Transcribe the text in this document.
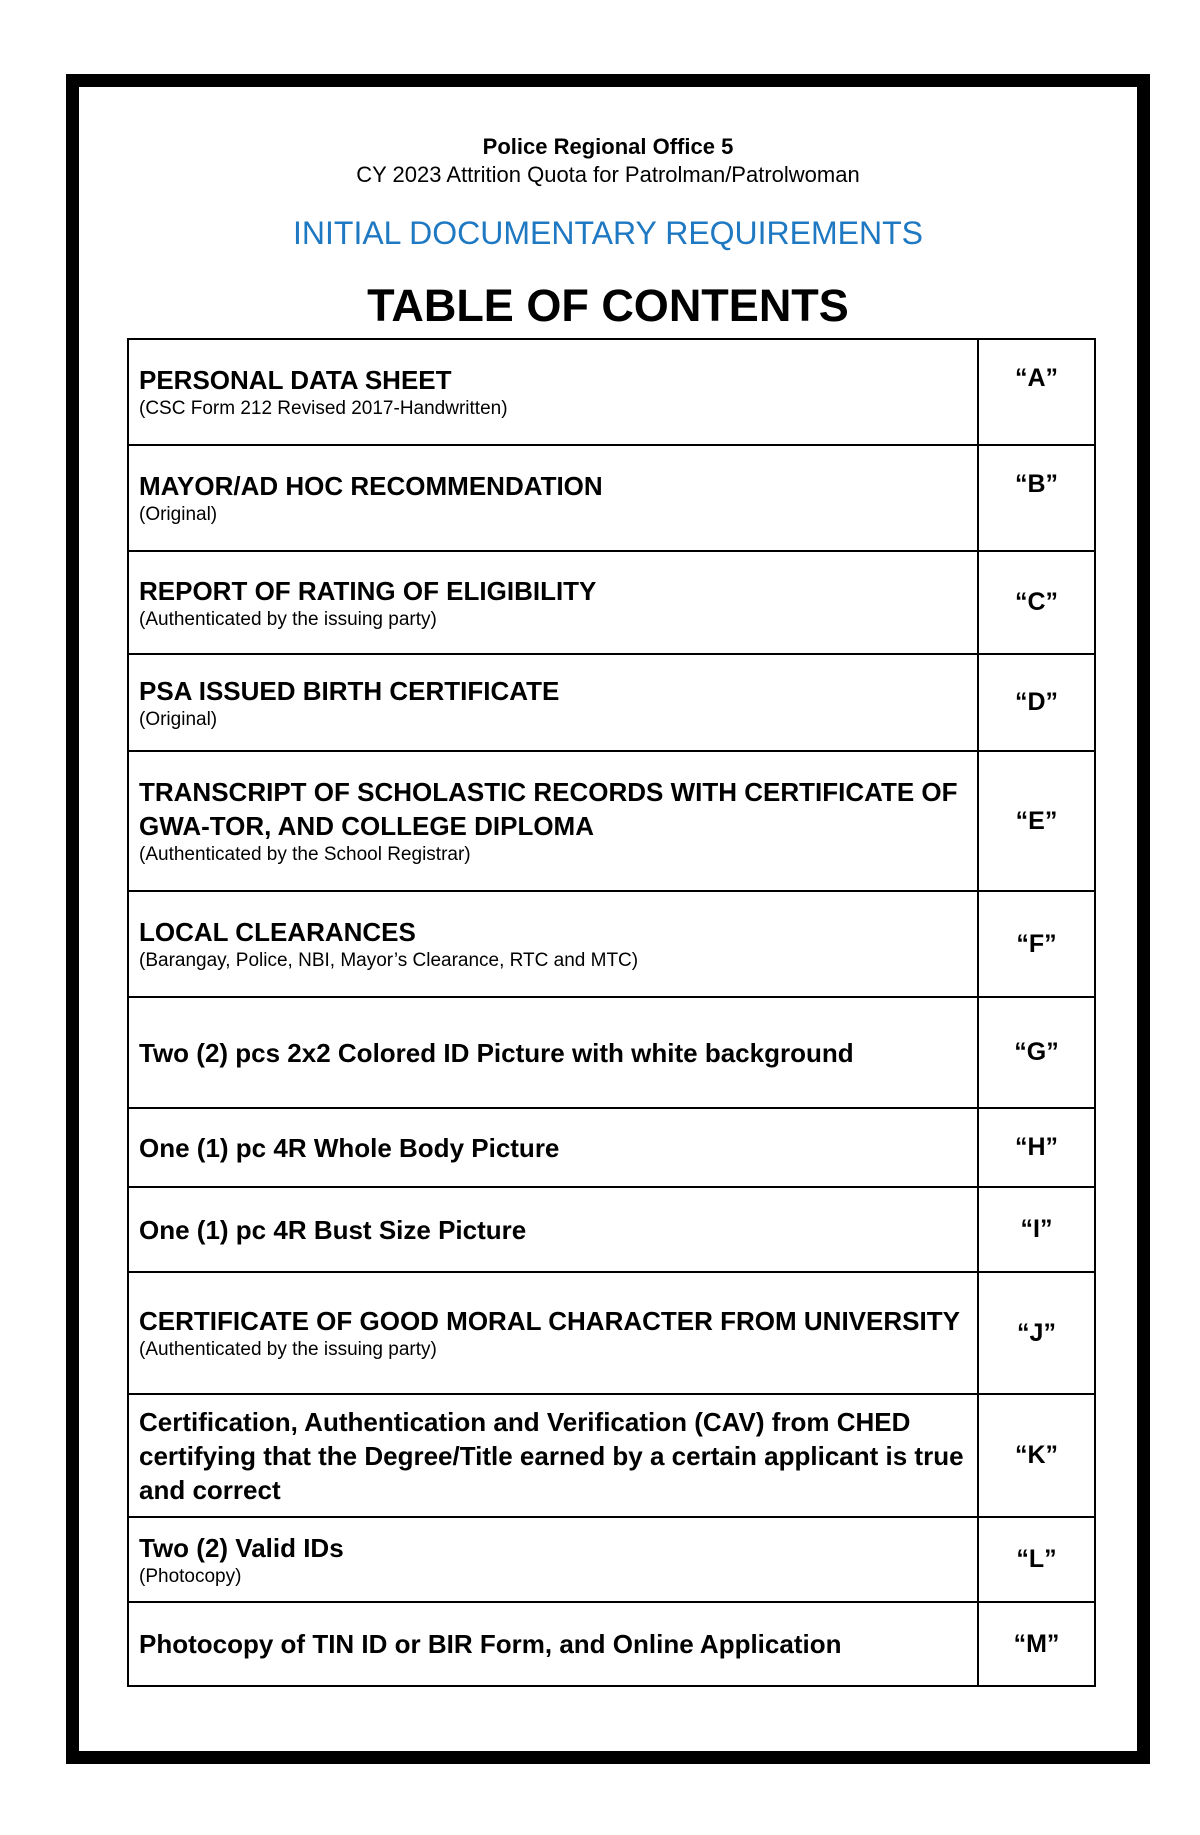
Police Regional Office 5
CY 2023 Attrition Quota for Patrolman/Patrolwoman
INITIAL DOCUMENTARY REQUIREMENTS
TABLE OF CONTENTS
PERSONAL DATA SHEET
(CSC Form 212 Revised 2017-Handwritten)	“A”

MAYOR/AD HOC RECOMMENDATION
(Original)	“B”

REPORT OF RATING OF ELIGIBILITY
(Authenticated by the issuing party)	“C”

PSA ISSUED BIRTH CERTIFICATE
(Original)	“D”

TRANSCRIPT OF SCHOLASTIC RECORDS WITH CERTIFICATE OF GWA-TOR, AND COLLEGE DIPLOMA
(Authenticated by the School Registrar)	“E”

LOCAL CLEARANCES
(Barangay, Police, NBI, Mayor’s Clearance, RTC and MTC)	“F”

Two (2) pcs 2x2 Colored ID Picture with white background	“G”

One (1) pc 4R Whole Body Picture	“H”

One (1) pc 4R Bust Size Picture	“I”

CERTIFICATE OF GOOD MORAL CHARACTER FROM UNIVERSITY
(Authenticated by the issuing party)	“J”

Certification, Authentication and Verification (CAV) from CHED certifying that the Degree/Title earned by a certain applicant is true and correct	“K”

Two (2) Valid IDs
(Photocopy)	“L”

Photocopy of TIN ID or BIR Form, and Online Application	“M”
